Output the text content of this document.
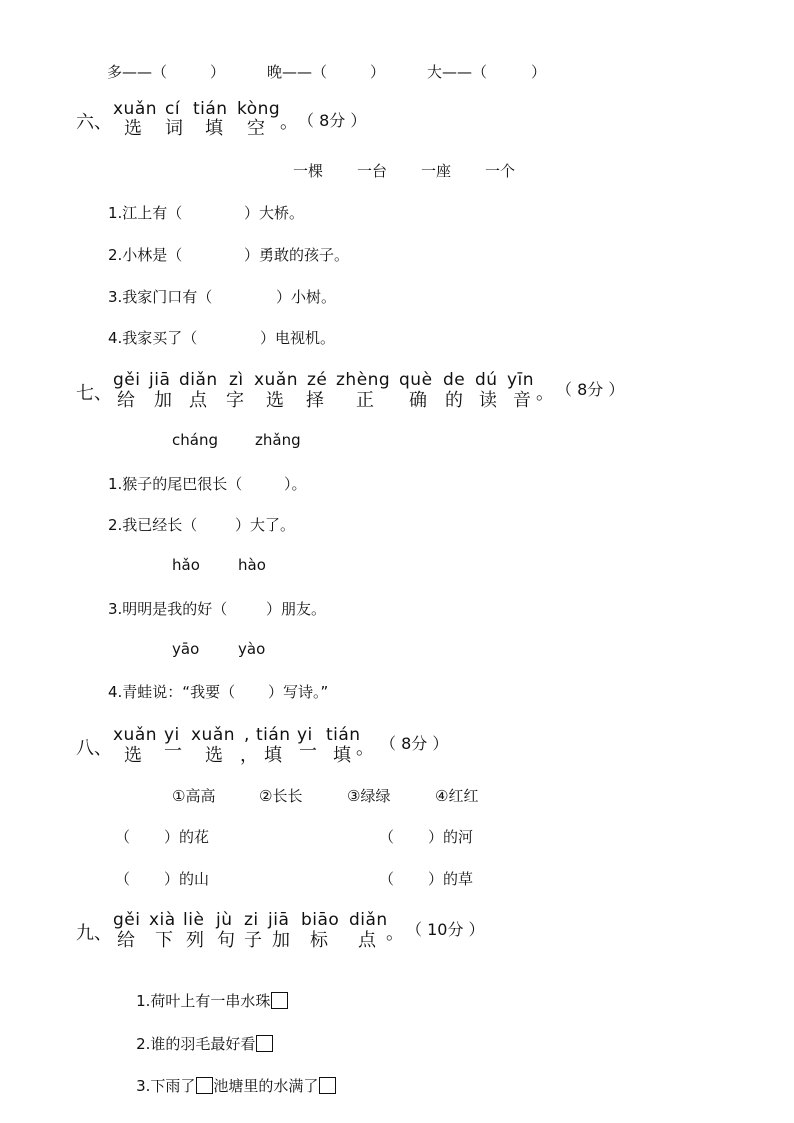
多——（	）	晚——（	）	大——（	）
六、
xuǎn cí tián kòng
选 词 填 空 。 （ 8分 ）
一棵 一台 一座 一个
1.江上有（	）大桥。
2.小林是（	）勇敢的孩子。
3.我家门口有（	）小树。
4.我家买了（	）电视机。
七、
gěi jiā diǎn zì xuǎn zé zhèng què de dú yīn
给 加 点 字 选 择 正 确 的 读 音 。 （ 8分 ）
cháng zhǎng
1.猴子的尾巴很长（	）。
2.我已经长（	）大了。
hǎo	hào
3.明明是我的好（	）朋友。
yāo	yào
4.青蛙说：“我要（ ）写诗。”
八、
xuǎn yi xuǎn , tián yi tián
选 一 选 ， 填 一 填 。 （ 8分 ）
①高高	②长长	③绿绿	④红红
（ ）的花	（ ）的河
（ ）的山	（ ）的草
九、
gěi xià liè jù zi jiā biāo diǎn
给 下 列 句 子 加 标 点 。 （ 10分 ）

1.荷叶上有一串水珠

2.谁的羽毛最好看

3.下雨了 池塘里的水满了
